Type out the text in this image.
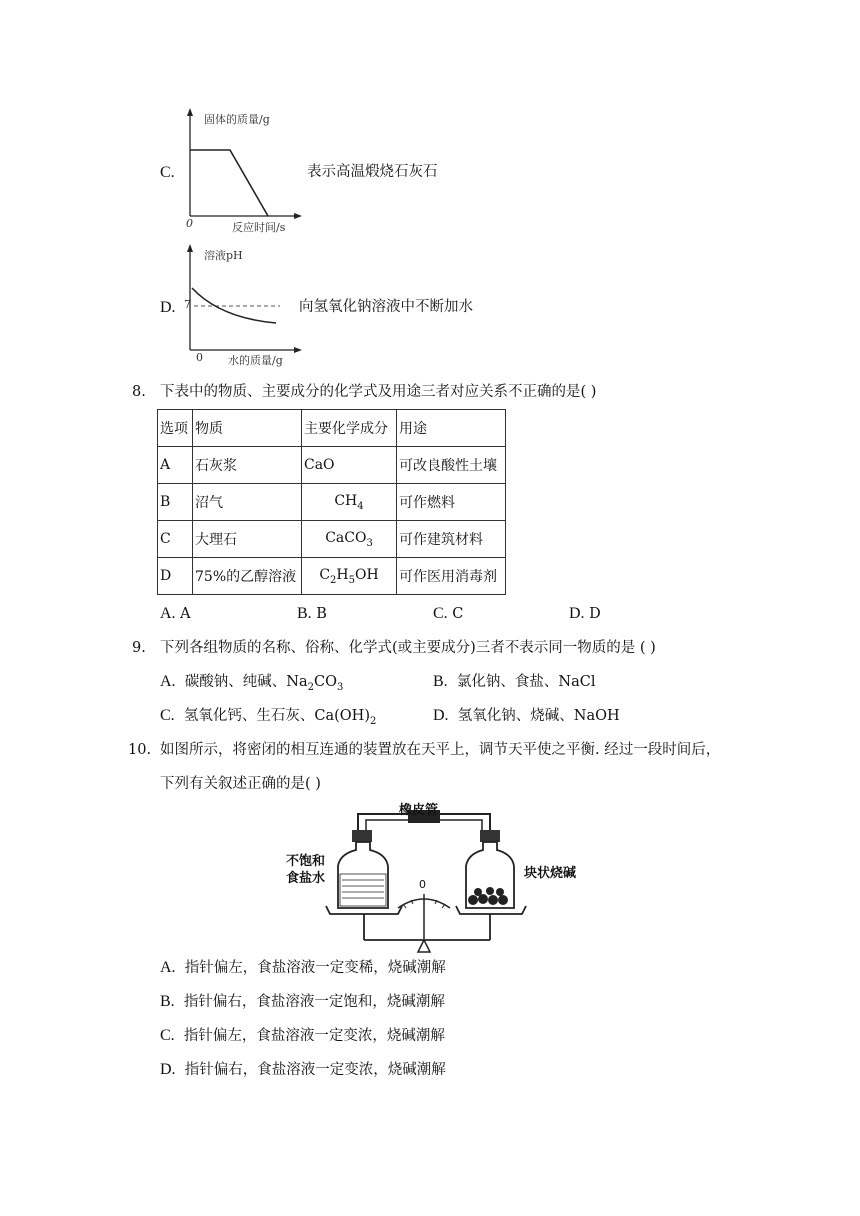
C.
固体的质量/g
反应时间/s
0
表示高温煅烧石灰石
D.
溶液pH
7
0 水的质量/g
向氢氧化钠溶液中不断加水
8. 下表中的物质、主要成分的化学式及用途三者对应关系不正确的是( )
选项	物质	主要化学成分	用途
A	石灰浆	CaO	可改良酸性土壤
B	沼气	$CH_4$	可作燃料
C	大理石	CaCO$_3$	可作建筑材料
D	75%的乙醇溶液	$C_2H_5OH$	可作医用消毒剂
A. A	B. B	C. C	D. D
9. 下列各组物质的名称、俗称、化学式(或主要成分)三者不表示同一物质的是 ( )
A. 碳酸钠、纯碱、$Na_2CO_3$	B. 氯化钠、食盐、NaCl
C. 氢氧化钙、生石灰、$Ca(OH)_2$	D. 氢氧化钠、烧碱、NaOH
10. 如图所示，将密闭的相互连通的装置放在天平上，调节天平使之平衡. 经过一段时间后，
下列有关叙述正确的是( )
橡皮管
0
不饱和
食盐水	块状烧碱
A. 指针偏左，食盐溶液一定变稀，烧碱潮解
B. 指针偏右，食盐溶液一定饱和，烧碱潮解
C. 指针偏左，食盐溶液一定变浓，烧碱潮解
D. 指针偏右，食盐溶液一定变浓，烧碱潮解
